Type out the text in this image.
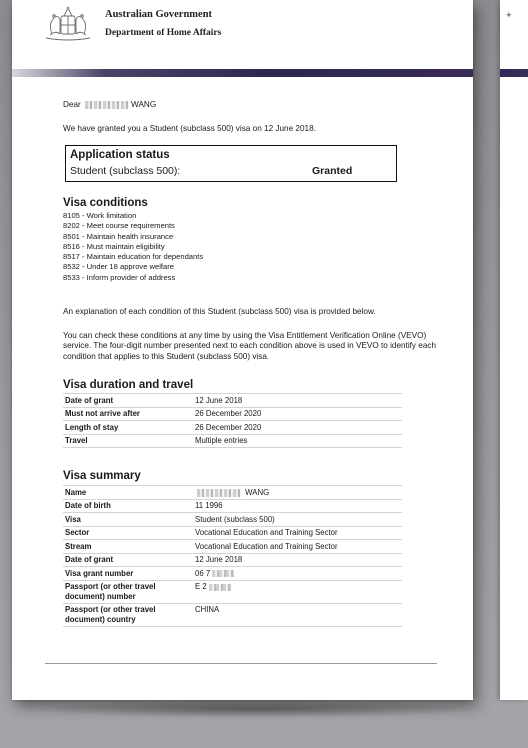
✦
Australian Government
Department of Home Affairs
Dear	WANG
We have granted you a Student (subclass 500) visa on 12 June 2018.
Application status
Student (subclass 500):	Granted
Visa conditions
8105 - Work limitation
8202 - Meet course requirements
8501 - Maintain health insurance
8516 - Must maintain eligibility
8517 - Maintain education for dependants
8532 - Under 18 approve welfare
8533 - Inform provider of address
An explanation of each condition of this Student (subclass 500) visa is provided below.
You can check these conditions at any time by using the Visa Entitlement Verification Online (VEVO) service. The four-digit number presented next to each condition above is used in VEVO to identify each condition that applies to this Student (subclass 500) visa.
Visa duration and travel
Date of grant	12 June 2018
Must not arrive after	26 December 2020
Length of stay	26 December 2020
Travel	Multiple entries
Visa summary
Name	WANG
Date of birth	11 1996
Visa	Student (subclass 500)
Sector	Vocational Education and Training Sector
Stream	Vocational Education and Training Sector
Date of grant	12 June 2018
Visa grant number	06 7
Passport (or other travel document) number	E 2
Passport (or other travel document) country	CHINA
